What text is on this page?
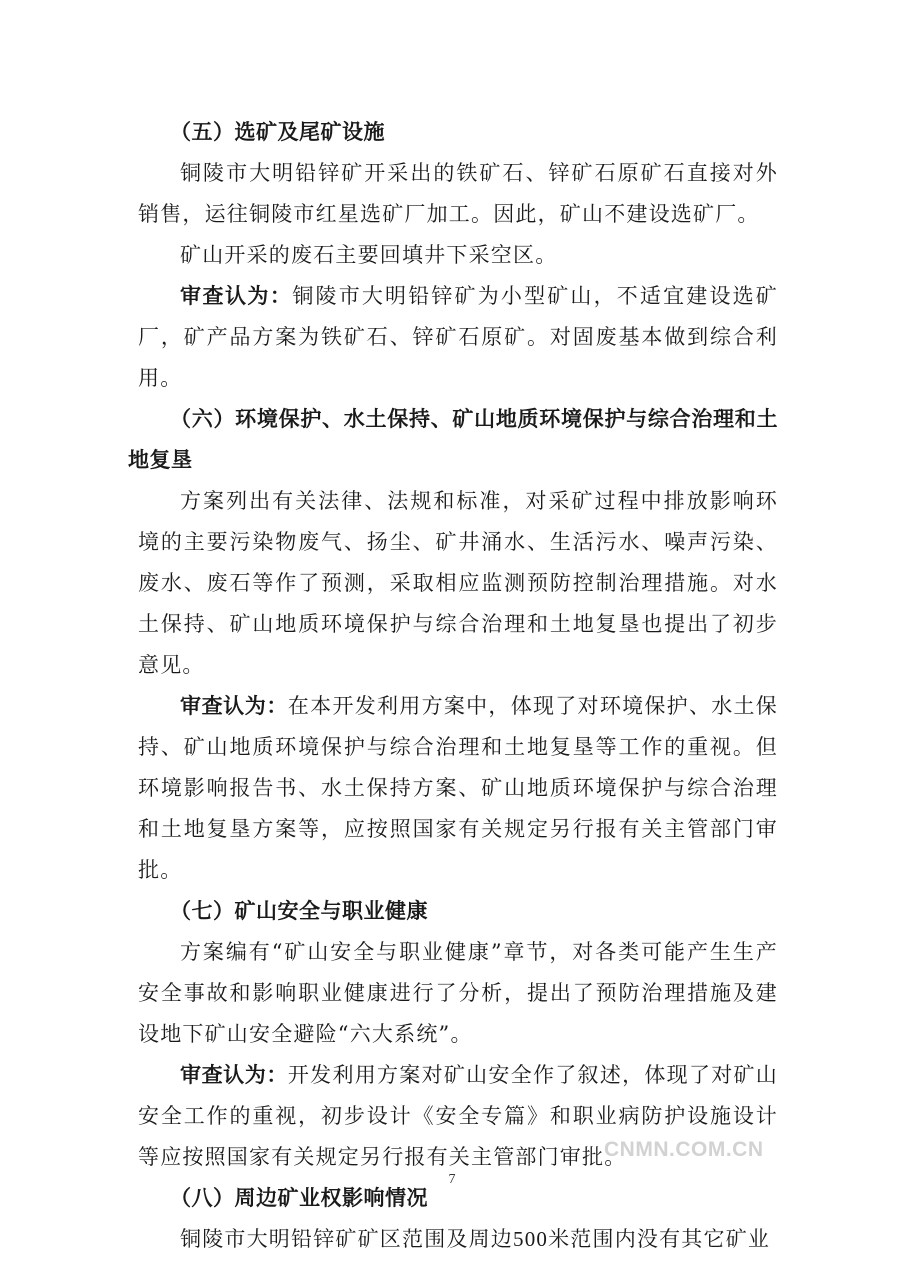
（五）选矿及尾矿设施

铜陵市大明铅锌矿开采出的铁矿石、锌矿石原矿石直接对外销售，运往铜陵市红星选矿厂加工。因此，矿山不建设选矿厂。

矿山开采的废石主要回填井下采空区。

审查认为：铜陵市大明铅锌矿为小型矿山，不适宜建设选矿厂，矿产品方案为铁矿石、锌矿石原矿。对固废基本做到综合利用。

（六）环境保护、水土保持、矿山地质环境保护与综合治理和土地复垦

方案列出有关法律、法规和标准，对采矿过程中排放影响环境的主要污染物废气、扬尘、矿井涌水、生活污水、噪声污染、废水、废石等作了预测，采取相应监测预防控制治理措施。对水土保持、矿山地质环境保护与综合治理和土地复垦也提出了初步意见。

审查认为：在本开发利用方案中，体现了对环境保护、水土保持、矿山地质环境保护与综合治理和土地复垦等工作的重视。但环境影响报告书、水土保持方案、矿山地质环境保护与综合治理和土地复垦方案等，应按照国家有关规定另行报有关主管部门审批。

（七）矿山安全与职业健康

方案编有“矿山安全与职业健康”章节，对各类可能产生生产安全事故和影响职业健康进行了分析，提出了预防治理措施及建设地下矿山安全避险“六大系统”。

审查认为：开发利用方案对矿山安全作了叙述，体现了对矿山安全工作的重视，初步设计《安全专篇》和职业病防护设施设计等应按照国家有关规定另行报有关主管部门审批。

（八）周边矿业权影响情况

铜陵市大明铅锌矿矿区范围及周边500米范围内没有其它矿业

CNMN.COM.CN
7
